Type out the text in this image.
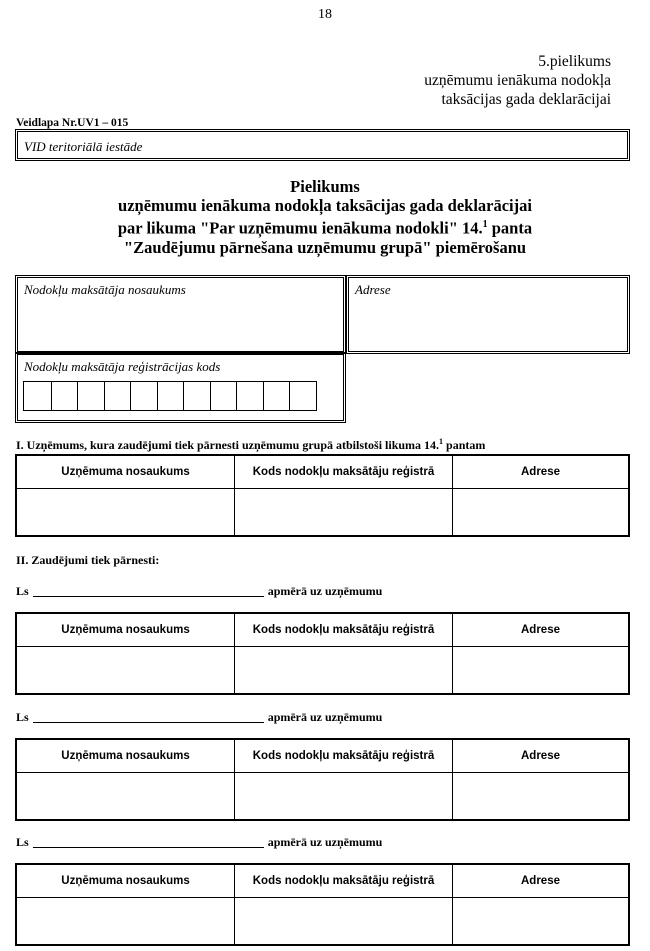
18
5.pielikums
uzņēmumu ienākuma nodokļa
taksācijas gada deklarācijai
Veidlapa Nr.UV1 – 015
VID teritoriālā iestāde
Pielikums
uzņēmumu ienākuma nodokļa taksācijas gada deklarācijai
par likuma "Par uzņēmumu ienākuma nodokli" 14.$^1$ panta
"Zaudējumu pārnešana uzņēmumu grupā" piemērošanu
Nodokļu maksātāja nosaukums	Adrese
Nodokļu maksātāja reģistrācijas kods
I. Uzņēmums, kura zaudējumi tiek pārnesti uzņēmumu grupā atbilstoši likuma 14.$^1$ pantam
Uzņēmuma nosaukums	Kods nodokļu maksātāju reģistrā	Adrese

II. Zaudējumi tiek pārnesti:
Ls	apmērā uz uzņēmumu
Uzņēmuma nosaukums	Kods nodokļu maksātāju reģistrā	Adrese

Ls	apmērā uz uzņēmumu
Uzņēmuma nosaukums	Kods nodokļu maksātāju reģistrā	Adrese

Ls	apmērā uz uzņēmumu
Uzņēmuma nosaukums	Kods nodokļu maksātāju reģistrā	Adrese
